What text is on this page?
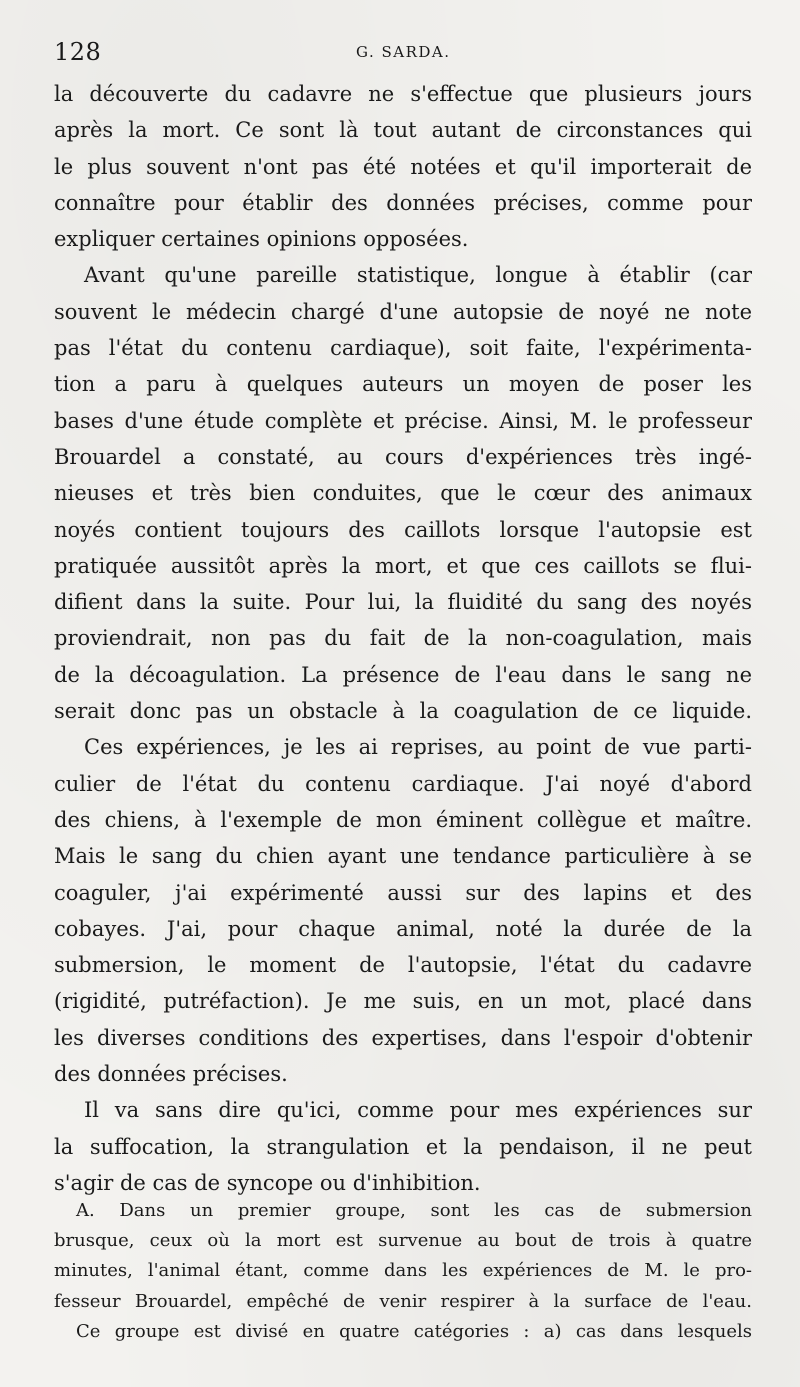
128	G. SARDA.
la découverte du cadavre ne s'effectue que plusieurs jours
après la mort. Ce sont là tout autant de circonstances qui
le plus souvent n'ont pas été notées et qu'il importerait de
connaître pour établir des données précises, comme pour
expliquer certaines opinions opposées.
Avant qu'une pareille statistique, longue à établir (car
souvent le médecin chargé d'une autopsie de noyé ne note
pas l'état du contenu cardiaque), soit faite, l'expérimenta-
tion a paru à quelques auteurs un moyen de poser les
bases d'une étude complète et précise. Ainsi, M. le professeur
Brouardel a constaté, au cours d'expériences très ingé-
nieuses et très bien conduites, que le cœur des animaux
noyés contient toujours des caillots lorsque l'autopsie est
pratiquée aussitôt après la mort, et que ces caillots se flui-
difient dans la suite. Pour lui, la fluidité du sang des noyés
proviendrait, non pas du fait de la non-coagulation, mais
de la décoagulation. La présence de l'eau dans le sang ne
serait donc pas un obstacle à la coagulation de ce liquide.
Ces expériences, je les ai reprises, au point de vue parti-
culier de l'état du contenu cardiaque. J'ai noyé d'abord
des chiens, à l'exemple de mon éminent collègue et maître.
Mais le sang du chien ayant une tendance particulière à se
coaguler, j'ai expérimenté aussi sur des lapins et des
cobayes. J'ai, pour chaque animal, noté la durée de la
submersion, le moment de l'autopsie, l'état du cadavre
(rigidité, putréfaction). Je me suis, en un mot, placé dans
les diverses conditions des expertises, dans l'espoir d'obtenir
des données précises.
Il va sans dire qu'ici, comme pour mes expériences sur
la suffocation, la strangulation et la pendaison, il ne peut
s'agir de cas de syncope ou d'inhibition.
A. Dans un premier groupe, sont les cas de submersion
brusque, ceux où la mort est survenue au bout de trois à quatre
minutes, l'animal étant, comme dans les expériences de M. le pro-
fesseur Brouardel, empêché de venir respirer à la surface de l'eau.
Ce groupe est divisé en quatre catégories : a) cas dans lesquels
